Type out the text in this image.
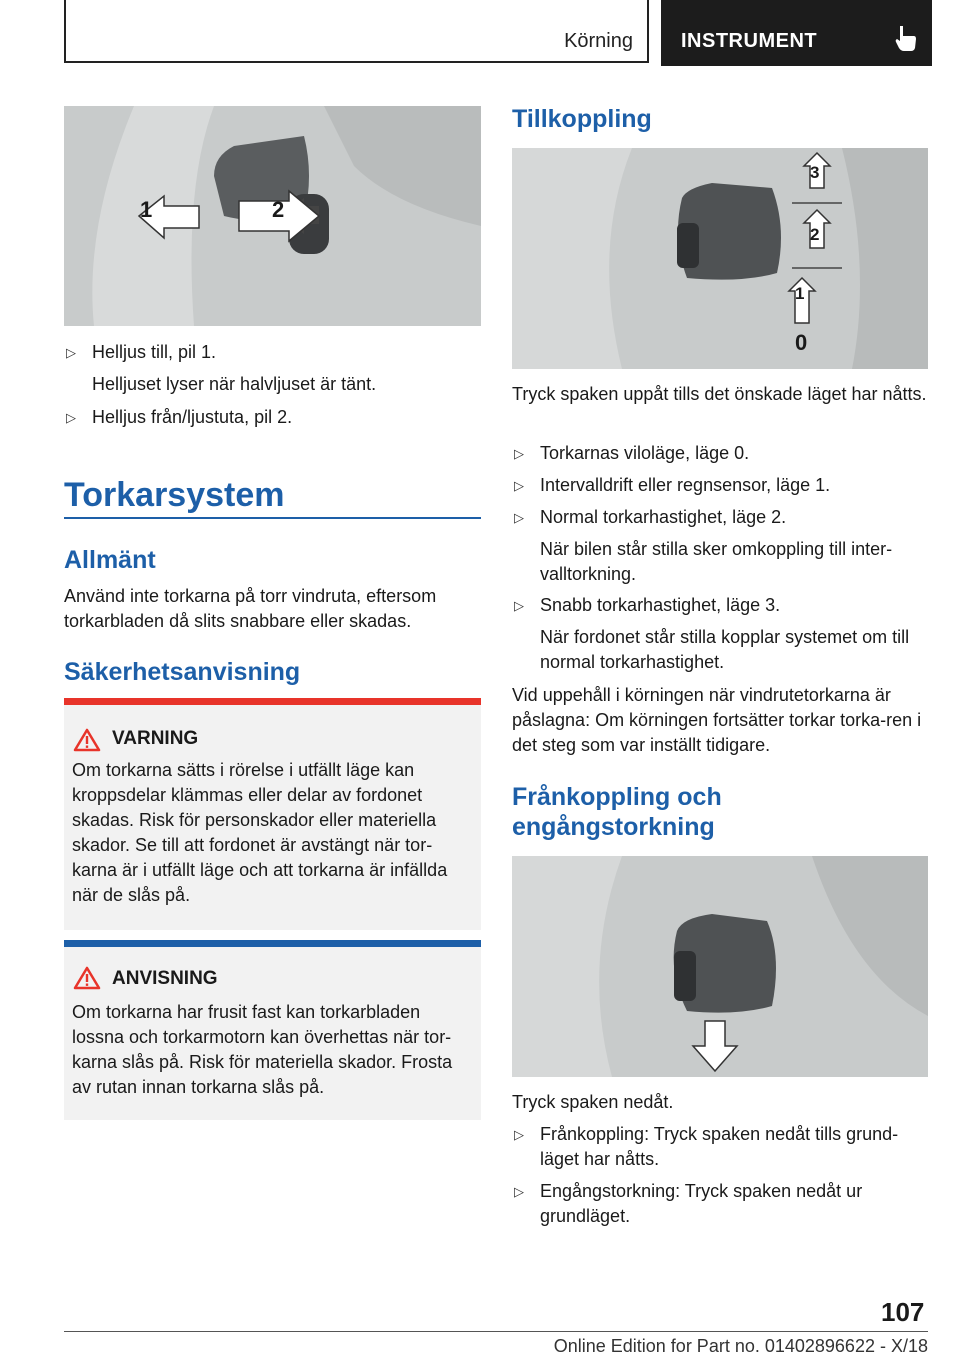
Körning INSTRUMENT
1	2
▷ Helljus till, pil 1.
Helljuset lyser när halvljuset är tänt.
▷ Helljus från/ljustuta, pil 2.
Torkarsystem
Allmänt
Använd inte torkarna på torr vindruta, eftersom torkarbladen då slits snabbare eller skadas.
Säkerhetsanvisning
VARNING
Om torkarna sätts i rörelse i utfällt läge kan kroppsdelar klämmas eller delar av fordonet skadas. Risk för personskador eller materiella skador. Se till att fordonet är avstängt när tor-karna är i utfällt läge och att torkarna är infällda när de slås på.
ANVISNING
Om torkarna har frusit fast kan torkarbladen lossna och torkarmotorn kan överhettas när tor-karna slås på. Risk för materiella skador. Frosta av rutan innan torkarna slås på.
Tillkoppling
3
2
1
0
Tryck spaken uppåt tills det önskade läget har nåtts.
▷ Torkarnas viloläge, läge 0.
▷ Intervalldrift eller regnsensor, läge 1.
▷ Normal torkarhastighet, läge 2.
När bilen står stilla sker omkoppling till inter-valltorkning.
▷ Snabb torkarhastighet, läge 3.
När fordonet står stilla kopplar systemet om till normal torkarhastighet.
Vid uppehåll i körningen när vindrutetorkarna är påslagna: Om körningen fortsätter torkar torka-ren i det steg som var inställt tidigare.
Frånkoppling och engångstorkning
Tryck spaken nedåt.
▷ Frånkoppling: Tryck spaken nedåt tills grund-läget har nåtts.
▷ Engångstorkning: Tryck spaken nedåt ur grundläget.
107
Online Edition for Part no. 01402896622 - X/18
